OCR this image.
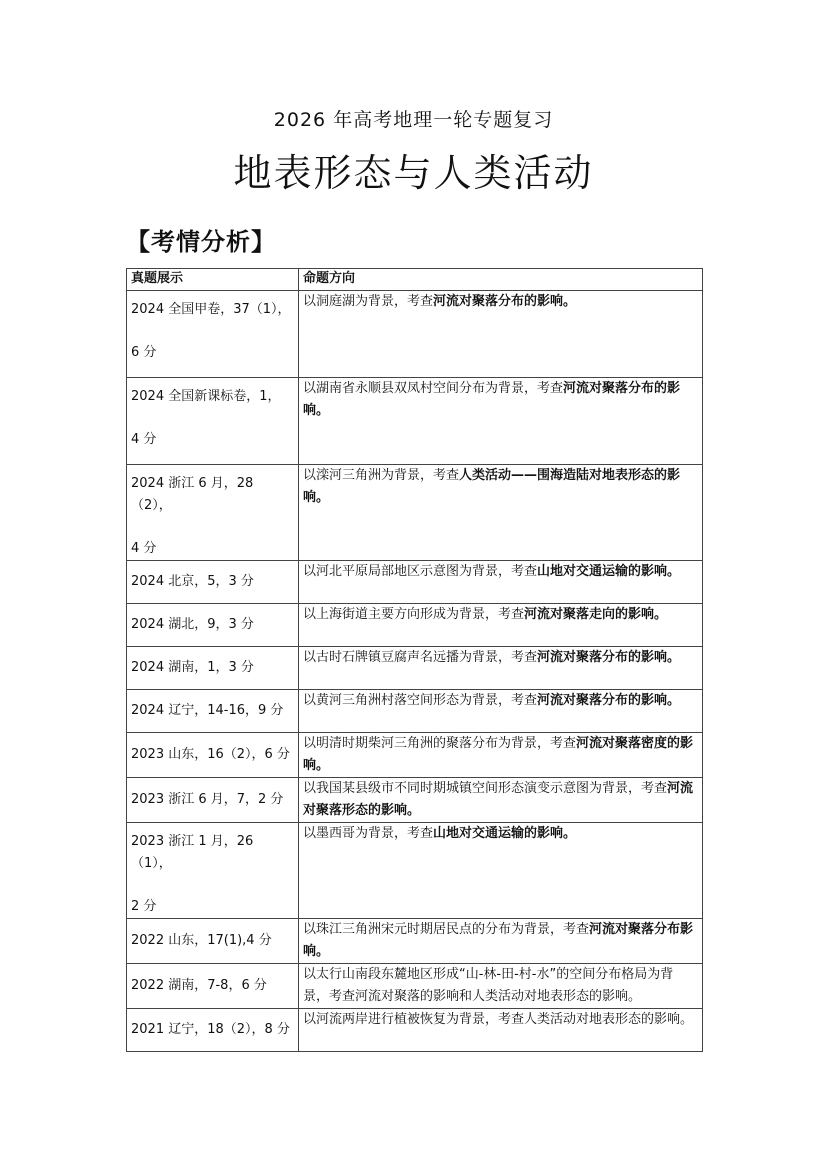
2026 年高考地理一轮专题复习
地表形态与人类活动
【考情分析】
真题展示	命题方向

2024 全国甲卷，37（1），
6 分	以洞庭湖为背景，考查河流对聚落分布的影响。

2024 全国新课标卷，1，
4 分	以湖南省永顺县双凤村空间分布为背景，考查河流对聚落分布的影响。

2024 浙江 6 月，28（2），
4 分	以滦河三角洲为背景，考查人类活动——围海造陆对地表形态的影响。
2024 北京，5，3 分	以河北平原局部地区示意图为背景，考查山地对交通运输的影响。
2024 湖北，9，3 分	以上海街道主要方向形成为背景，考查河流对聚落走向的影响。
2024 湖南，1，3 分	以古时石牌镇豆腐声名远播为背景，考查河流对聚落分布的影响。
2024 辽宁，14-16，9 分	以黄河三角洲村落空间形态为背景，考查河流对聚落分布的影响。
2023 山东，16（2），6 分	以明清时期柴河三角洲的聚落分布为背景，考查河流对聚落密度的影响。
2023 浙江 6 月，7，2 分	以我国某县级市不同时期城镇空间形态演变示意图为背景，考查河流对聚落形态的影响。

2023 浙江 1 月，26（1），
2 分	以墨西哥为背景，考查山地对交通运输的影响。
2022 山东，17(1),4 分	以珠江三角洲宋元时期居民点的分布为背景，考查河流对聚落分布影响。
2022 湖南，7-8，6 分	以太行山南段东麓地区形成“山-林-田-村-水”的空间分布格局为背景，考查河流对聚落的影响和人类活动对地表形态的影响。
2021 辽宁，18（2），8 分	以河流两岸进行植被恢复为背景，考查人类活动对地表形态的影响。
